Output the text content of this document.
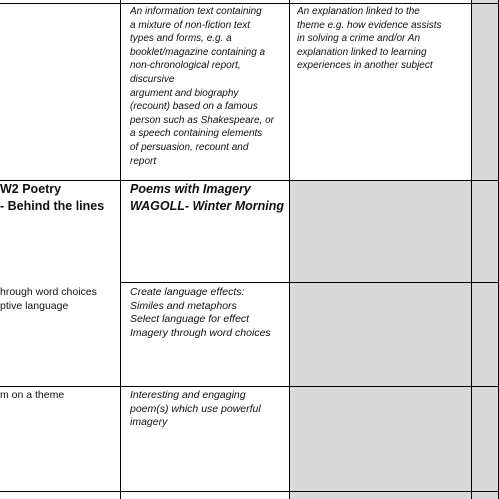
An information text containing
a mixture of non-fiction text
types and forms, e.g. a
booklet/magazine containing a
non-chronological report,
discursive
argument and biography
(recount) based on a famous
person such as Shakespeare, or
a speech containing elements
of persuasion, recount and
report
An explanation linked to the
theme e.g. how evidence assists
in solving a crime and/or An
explanation linked to learning
experiences in another subject
W2 Poetry
- Behind the lines
Poems with Imagery
WAGOLL- Winter Morning
hrough word choices
ptive language
Create language effects:
Similes and metaphors
Select language for effect
Imagery through word choices
m on a theme	Interesting and engaging
poem(s) which use powerful
imagery
